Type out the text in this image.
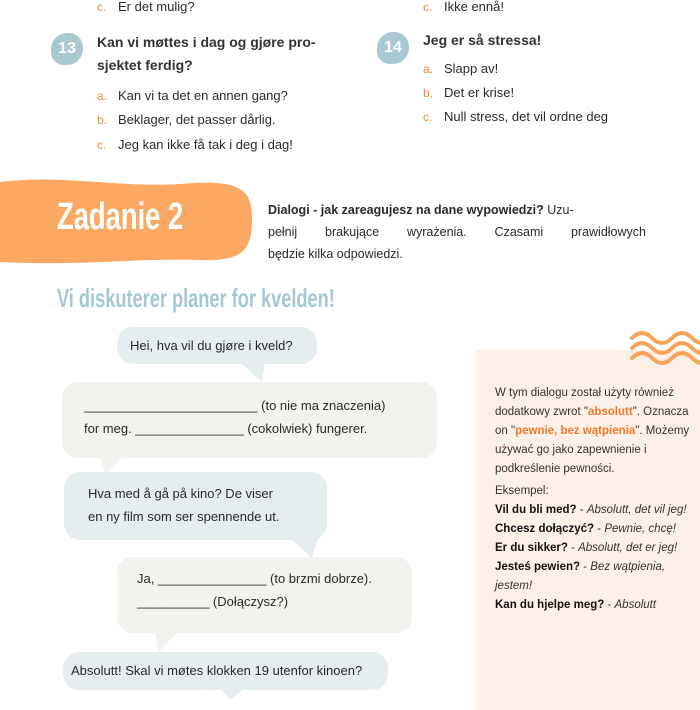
c. Er det mulig?	c. Ikke ennå!
13	Kan vi møttes i dag og gjøre pro-
sjektet ferdig?
a. Kan vi ta det en annen gang?
b. Beklager, det passer dårlig.
c. Jeg kan ikke få tak i deg i dag!
14	Jeg er så stressa!
a. Slapp av!
b. Det er krise!
c. Null stress, det vil ordne deg
Zadanie 2	Dialogi - jak zareagujesz na dane wypowiedzi? Uzu-
pełnij brakujące wyrażenia. Czasami prawidłowych
będzie kilka odpowiedzi.
Vi diskuterer planer for kvelden!
Hei, hva vil du gjøre i kveld?
________________________ (to nie ma znaczenia)
for meg. _______________ (cokolwiek) fungerer.
Hva med å gå på kino? De viser
en ny film som ser spennende ut.
Ja, _______________ (to brzmi dobrze).
__________ (Dołączysz?)
Absolutt! Skal vi møtes klokken 19 utenfor kinoen?
W tym dialogu został użyty również dodatkowy zwrot "absolutt". Oznacza on "pewnie, bez wątpienia". Możemy używać go jako zapewnienie i podkreślenie pewności.
Eksempel:
Vil du bli med? - Absolutt, det vil jeg!
Chcesz dołączyć? - Pewnie, chcę!
Er du sikker? - Absolutt, det er jeg!
Jesteś pewien? - Bez wątpienia, jestem!
Kan du hjelpe meg? - Absolutt
